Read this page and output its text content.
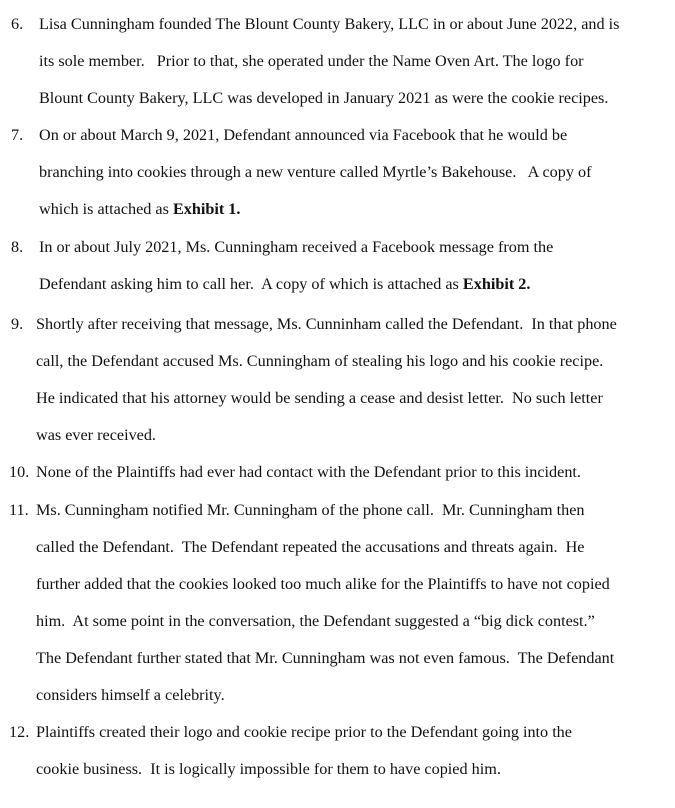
6. Lisa Cunningham founded The Blount County Bakery, LLC in or about June 2022, and is
its sole member.   Prior to that, she operated under the Name Oven Art. The logo for
Blount County Bakery, LLC was developed in January 2021 as were the cookie recipes.
7. On or about March 9, 2021, Defendant announced via Facebook that he would be
branching into cookies through a new venture called Myrtle’s Bakehouse.   A copy of
which is attached as Exhibit 1.
8. In or about July 2021, Ms. Cunningham received a Facebook message from the
Defendant asking him to call her.  A copy of which is attached as Exhibit 2.
9. Shortly after receiving that message, Ms. Cunninham called the Defendant.  In that phone
call, the Defendant accused Ms. Cunningham of stealing his logo and his cookie recipe.
He indicated that his attorney would be sending a cease and desist letter.  No such letter
was ever received.
10. None of the Plaintiffs had ever had contact with the Defendant prior to this incident.
11. Ms. Cunningham notified Mr. Cunningham of the phone call.  Mr. Cunningham then
called the Defendant.  The Defendant repeated the accusations and threats again.  He
further added that the cookies looked too much alike for the Plaintiffs to have not copied
him.  At some point in the conversation, the Defendant suggested a “big dick contest.”
The Defendant further stated that Mr. Cunningham was not even famous.  The Defendant
considers himself a celebrity.
12. Plaintiffs created their logo and cookie recipe prior to the Defendant going into the
cookie business.  It is logically impossible for them to have copied him.
